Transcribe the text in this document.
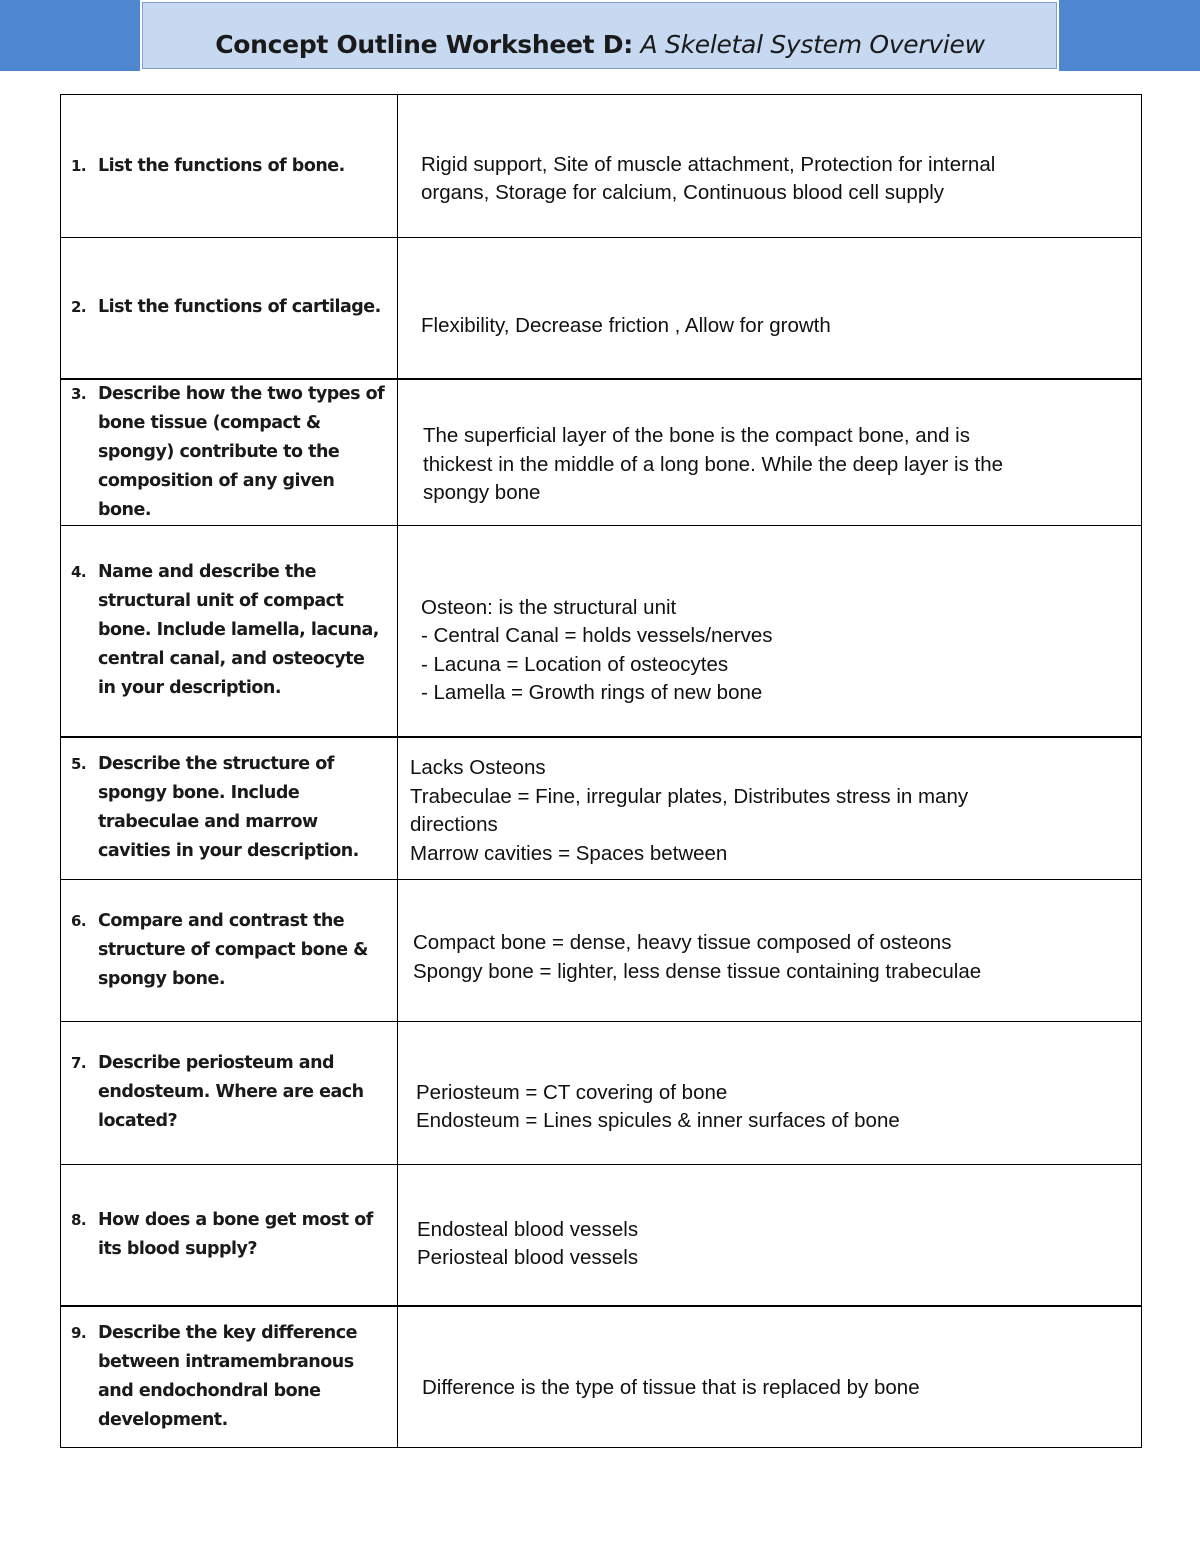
Concept Outline Worksheet D: A Skeletal System Overview
1. List the functions of bone.	Rigid support, Site of muscle attachment, Protection for internal
organs, Storage for calcium, Continuous blood cell supply

2. List the functions of cartilage.	Flexibility, Decrease friction , Allow for growth

3. Describe how the two types of bone tissue (compact & spongy) contribute to the composition of any given bone.	The superficial layer of the bone is the compact bone, and is
thickest in the middle of a long bone. While the deep layer is the
spongy bone

4. Name and describe the structural unit of compact bone. Include lamella, lacuna, central canal, and osteocyte in your description.	Osteon: is the structural unit
- Central Canal = holds vessels/nerves
- Lacuna = Location of osteocytes
- Lamella = Growth rings of new bone

5. Describe the structure of spongy bone. Include trabeculae and marrow cavities in your description.	Lacks Osteons
Trabeculae = Fine, irregular plates, Distributes stress in many
directions
Marrow cavities = Spaces between

6. Compare and contrast the structure of compact bone & spongy bone.	Compact bone = dense, heavy tissue composed of osteons
Spongy bone = lighter, less dense tissue containing trabeculae

7. Describe periosteum and endosteum. Where are each located?	Periosteum = CT covering of bone
Endosteum = Lines spicules & inner surfaces of bone

8. How does a bone get most of its blood supply?	Endosteal blood vessels
Periosteal blood vessels

9. Describe the key difference between intramembranous and endochondral bone development.	Difference is the type of tissue that is replaced by bone
